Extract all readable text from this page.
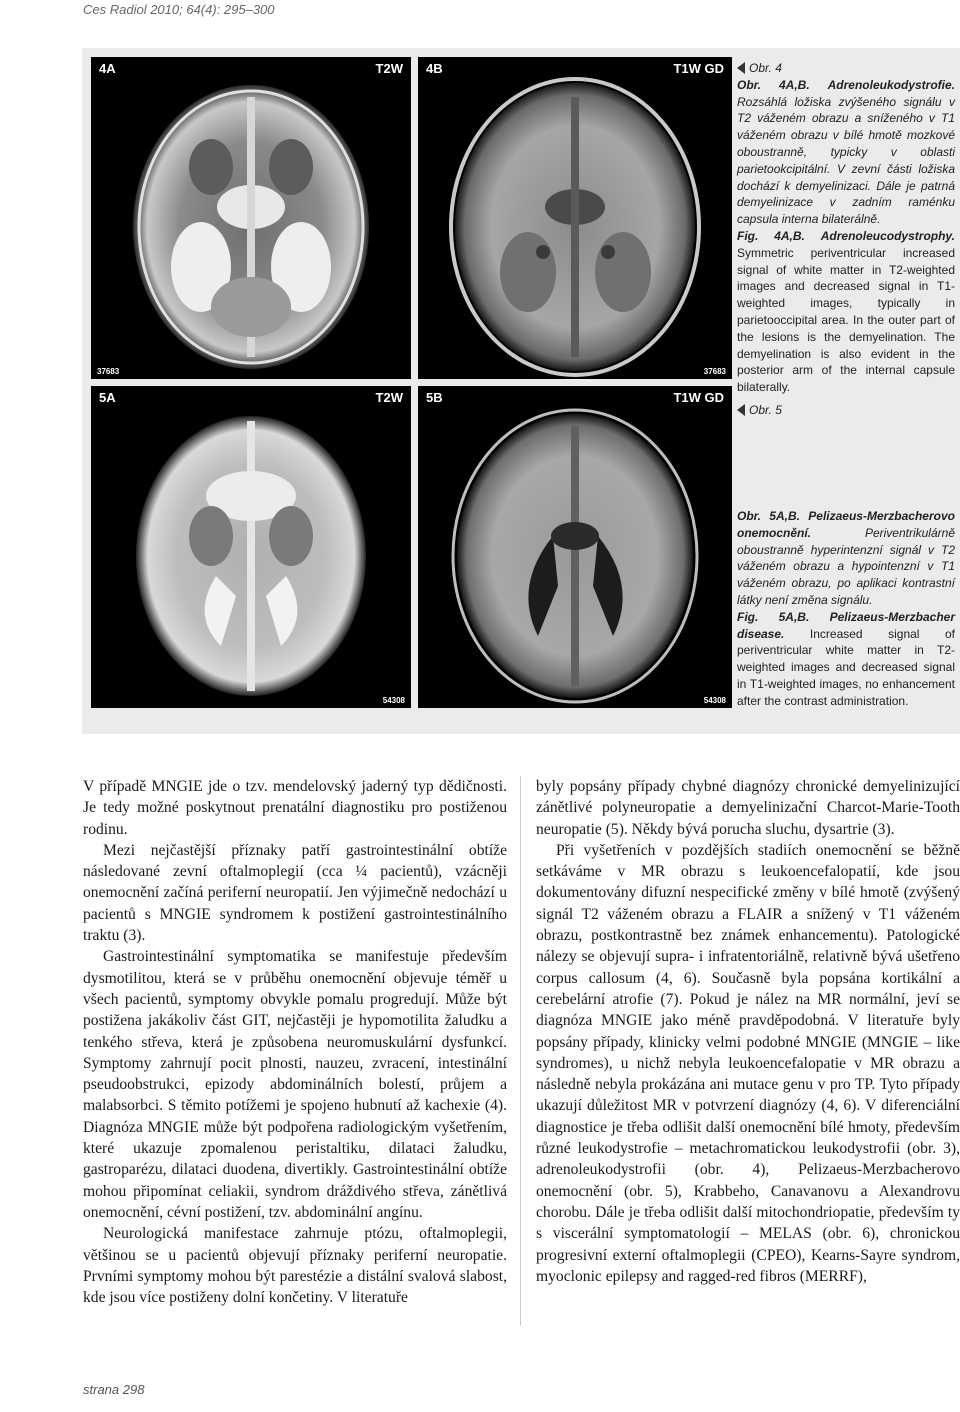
Ces Radiol 2010; 64(4): 295–300
4A	T2W
37683
4B	T1W GD
37683
5A	T2W
54308
5B	T1W GD
54308
Obr. 4

Obr.  4A,B.  Adrenoleukodystrofie. Rozsáhlá ložiska zvýšeného signálu v T2 váženém obrazu a sníženého v T1 váženém obrazu v bílé hmotě mozkové oboustranně, typicky v oblasti parietookcipitální. V zevní části ložiska dochází k demyelinizaci. Dále je patrná demyelinizace v zadním raménku capsula interna bilaterálně.

Fig.  4A,B.  Adrenoleucodystrophy. Symmetric periventricular increased signal of white matter in T2-weighted images and decreased signal in T1-weighted images, typically in parietooccipital area. In the outer part of the lesions is the demyelination. The demyelination is also evident in the posterior arm of the internal capsule bilaterally.

Obr. 5

Obr. 5A,B. Pelizaeus-Merzbacherovo onemocnění.	Periventrikulárně oboustranně hyperintenzní signál v T2 váženém obrazu a hypointenzní v T1 váženém obrazu, po aplikaci kontrastní látky není změna signálu.

Fig. 5A,B. Pelizaeus-Merzbacher disease. Increased signal of periventricular white matter in T2-weighted images and decreased signal in T1-weighted images, no enhancement after the contrast administration.

V případě MNGIE jde o tzv. mendelovský jaderný typ dědičnosti. Je tedy možné poskytnout prenatální diagnostiku pro postiženou rodinu.

Mezi nejčastější příznaky patří gastrointestinální obtíže následované zevní oftalmoplegií (cca ¼ pacientů), vzácněji onemocnění začíná periferní neuropatií. Jen výjimečně nedochází u pacientů s MNGIE syndromem k postižení gastrointestinálního traktu (3).

Gastrointestinální symptomatika se manifestuje především dysmotilitou, která se v průběhu onemocnění objevuje téměř u všech pacientů, symptomy obvykle pomalu progredují. Může být postižena jakákoliv část GIT, nejčastěji je hypomotilita žaludku a tenkého střeva, která je způsobena neuromuskulární dysfunkcí. Symptomy zahrnují pocit plnosti, nauzeu, zvracení, intestinální pseudoobstrukci, epizody abdominálních bolestí, průjem a malabsorbci. S těmito potížemi je spojeno hubnutí až kachexie (4). Diagnóza MNGIE může být podpořena radiologickým vyšetřením, které ukazuje zpomalenou peristaltiku, dilataci žaludku, gastroparézu, dilataci duodena, divertikly. Gastrointestinální obtíže mohou připomínat celiakii, syndrom dráždivého střeva, zánětlivá onemocnění, cévní postižení, tzv. abdominální angínu.

Neurologická manifestace zahrnuje ptózu, oftalmoplegii, většinou se u pacientů objevují příznaky periferní neuropatie. Prvními symptomy mohou být parestézie a distální svalová slabost, kde jsou více postiženy dolní končetiny. V literatuře

byly popsány případy chybné diagnózy chronické demyelinizující zánětlivé polyneuropatie a demyelinizační Charcot-Marie-Tooth neuropatie (5). Někdy bývá porucha sluchu, dysartrie (3).

Při vyšetřeních v pozdějších stadiích onemocnění se běžně setkáváme v MR obrazu s leukoencefalopatií, kde jsou dokumentovány difuzní nespecifické změny v bílé hmotě (zvýšený signál T2 váženém obrazu a FLAIR a snížený v T1 váženém obrazu, postkontrastně bez známek enhancementu). Patologické nálezy se objevují supra- i infratentoriálně, relativně bývá ušetřeno corpus callosum (4, 6). Současně byla popsána kortikální a cerebelární atrofie (7). Pokud je nález na MR normální, jeví se diagnóza MNGIE jako méně pravděpodobná. V literatuře byly popsány případy, klinicky velmi podobné MNGIE (MNGIE – like syndromes), u nichž nebyla leukoencefalopatie v MR obrazu a následně nebyla prokázána ani mutace genu v pro TP. Tyto případy ukazují důležitost MR v potvrzení diagnózy (4, 6). V diferenciální diagnostice je třeba odlišit další onemocnění bílé hmoty, především různé leukodystrofie – metachromatickou leukodystrofii (obr. 3), adrenoleukodystrofii (obr. 4), Pelizaeus-Merzbacherovo onemocnění (obr. 5), Krabbeho, Canavanovu a Alexandrovu chorobu. Dále je třeba odlišit další mitochondriopatie, především ty s viscerální symptomatologií – MELAS (obr. 6), chronickou progresivní externí oftalmoplegii (CPEO), Kearns-Sayre syndrom, myoclonic epilepsy and ragged-red fibros (MERRF),

strana 298
